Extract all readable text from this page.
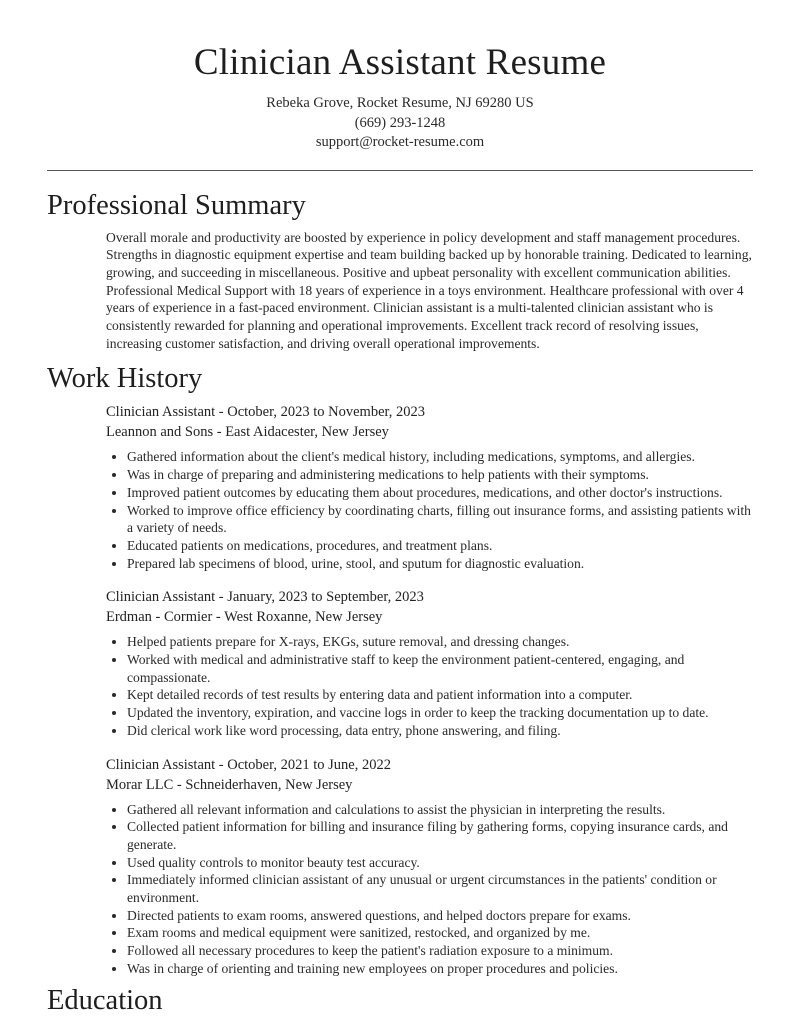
Clinician Assistant Resume
Rebeka Grove, Rocket Resume, NJ 69280 US
(669) 293-1248
support@rocket-resume.com
Professional Summary

Overall morale and productivity are boosted by experience in policy development and staff management procedures. Strengths in diagnostic equipment expertise and team building backed up by honorable training. Dedicated to learning, growing, and succeeding in miscellaneous. Positive and upbeat personality with excellent communication abilities. Professional Medical Support with 18 years of experience in a toys environment. Healthcare professional with over 4 years of experience in a fast-paced environment. Clinician assistant is a multi-talented clinician assistant who is consistently rewarded for planning and operational improvements. Excellent track record of resolving issues, increasing customer satisfaction, and driving overall operational improvements.

Work History
Clinician Assistant - October, 2023 to November, 2023
Leannon and Sons - East Aidacester, New Jersey
• Gathered information about the client's medical history, including medications, symptoms, and allergies.
• Was in charge of preparing and administering medications to help patients with their symptoms.
• Improved patient outcomes by educating them about procedures, medications, and other doctor's instructions.
• Worked to improve office efficiency by coordinating charts, filling out insurance forms, and assisting patients with a variety of needs.
• Educated patients on medications, procedures, and treatment plans.
• Prepared lab specimens of blood, urine, stool, and sputum for diagnostic evaluation.
Clinician Assistant - January, 2023 to September, 2023
Erdman - Cormier - West Roxanne, New Jersey
• Helped patients prepare for X-rays, EKGs, suture removal, and dressing changes.
• Worked with medical and administrative staff to keep the environment patient-centered, engaging, and compassionate.
• Kept detailed records of test results by entering data and patient information into a computer.
• Updated the inventory, expiration, and vaccine logs in order to keep the tracking documentation up to date.
• Did clerical work like word processing, data entry, phone answering, and filing.
Clinician Assistant - October, 2021 to June, 2022
Morar LLC - Schneiderhaven, New Jersey
• Gathered all relevant information and calculations to assist the physician in interpreting the results.
• Collected patient information for billing and insurance filing by gathering forms, copying insurance cards, and generate.
• Used quality controls to monitor beauty test accuracy.
• Immediately informed clinician assistant of any unusual or urgent circumstances in the patients' condition or environment.
• Directed patients to exam rooms, answered questions, and helped doctors prepare for exams.
• Exam rooms and medical equipment were sanitized, restocked, and organized by me.
• Followed all necessary procedures to keep the patient's radiation exposure to a minimum.
• Was in charge of orienting and training new employees on proper procedures and policies.
Education
